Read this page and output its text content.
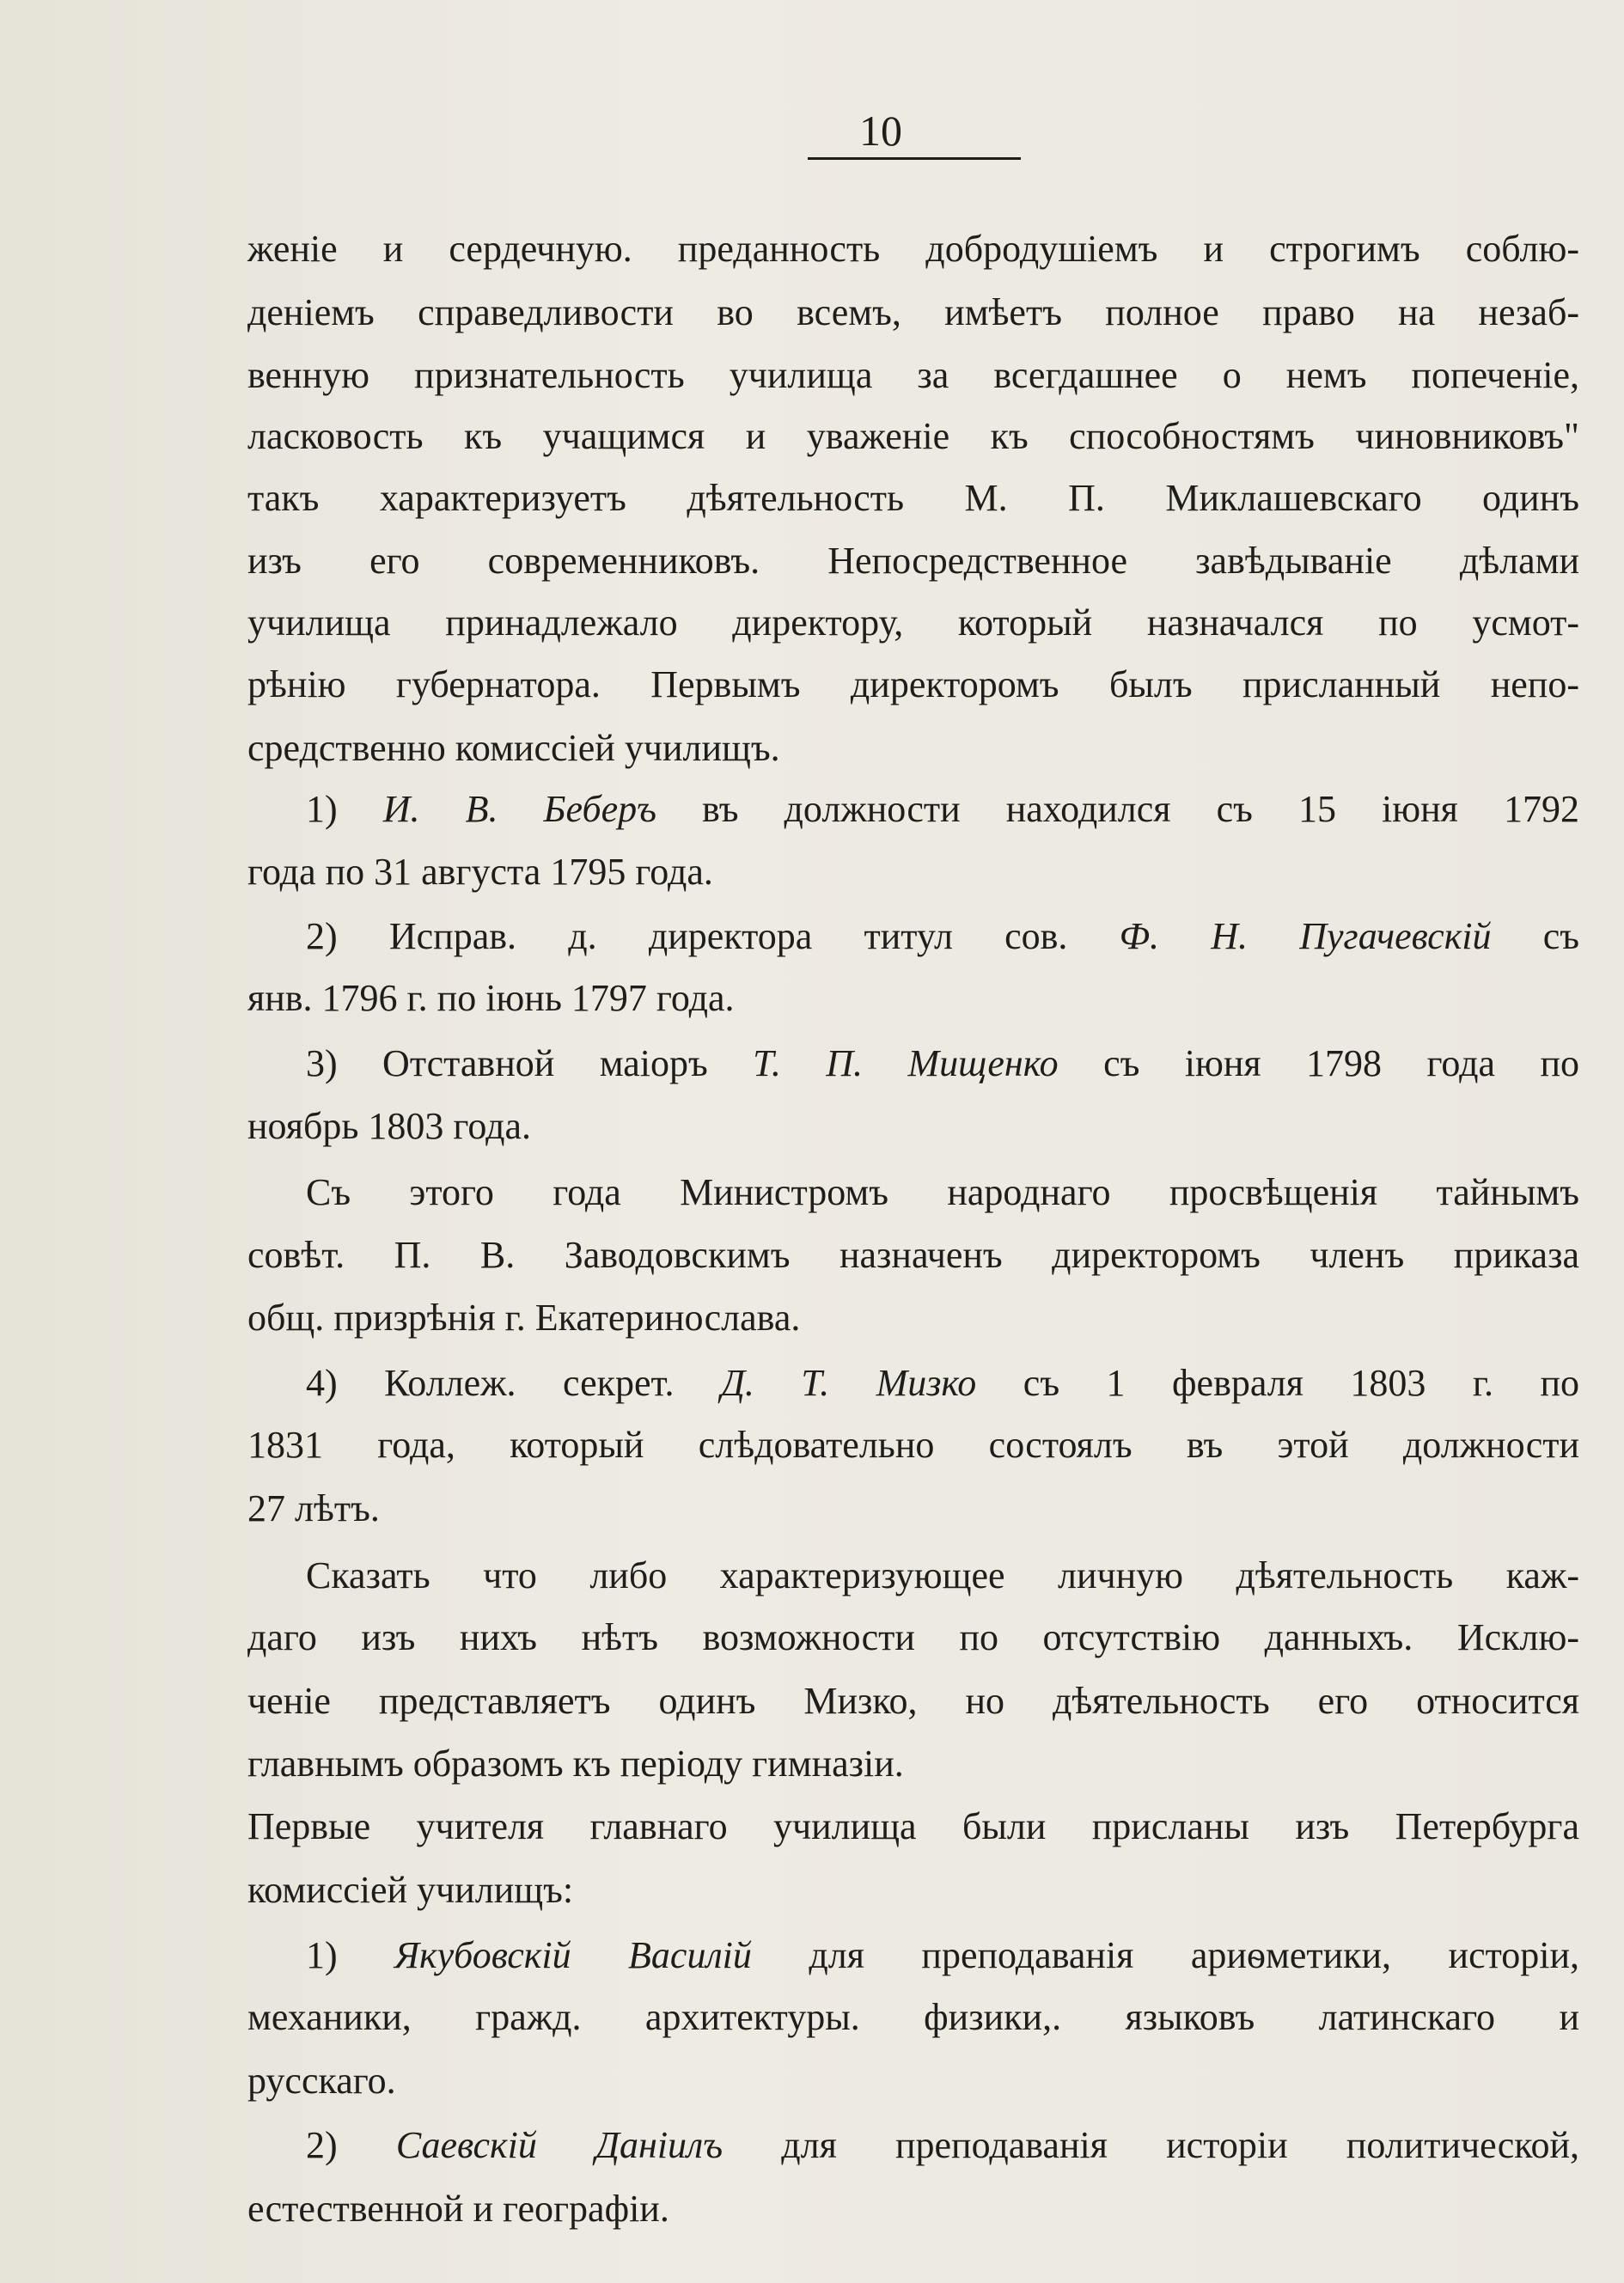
10
женіе и сердечную. преданность добродушіемъ и строгимъ соблю-
деніемъ справедливости во всемъ, имѣетъ полное право на незаб-
венную признательность училища за всегдашнее о немъ попеченіе,
ласковость къ учащимся и уваженіе къ способностямъ чиновниковъ"
такъ характеризуетъ дѣятельность М. П. Миклашевскаго одинъ
изъ его современниковъ. Непосредственное завѣдываніе дѣлами
училища принадлежало директору, который назначался по усмот-
рѣнію губернатора. Первымъ директоромъ былъ присланный непо-
средственно комиссіей училищъ.
1) И. В. Беберъ въ должности находился съ 15 іюня 1792
года по 31 августа 1795 года.
2) Исправ. д. директора титул сов. Ф. Н. Пугачевскій съ
янв. 1796 г. по іюнь 1797 года.
3) Отставной маіоръ Т. П. Мищенко съ іюня 1798 года по
ноябрь 1803 года.
Съ этого года Министромъ народнаго просвѣщенія тайнымъ
совѣт. П. В. Заводовскимъ назначенъ директоромъ членъ приказа
общ. призрѣнія г. Екатеринослава.
4) Коллеж. секрет. Д. Т. Мизко съ 1 февраля 1803 г. по
1831 года, который слѣдовательно состоялъ въ этой должности
27 лѣтъ.
Сказать что либо характеризующее личную дѣятельность каж-
даго изъ нихъ нѣтъ возможности по отсутствію данныхъ. Исклю-
ченіе представляетъ одинъ Мизко, но дѣятельность его относится
главнымъ образомъ къ періоду гимназіи.
Первые учителя главнаго училища были присланы изъ Петербурга
комиссіей училищъ:
1) Якубовскій Василій для преподаванія ариѳметики, исторіи,
механики, гражд. архитектуры. физики,. языковъ латинскаго и
русскаго.
2) Саевскій Даніилъ для преподаванія исторіи политической,
естественной и географіи.
